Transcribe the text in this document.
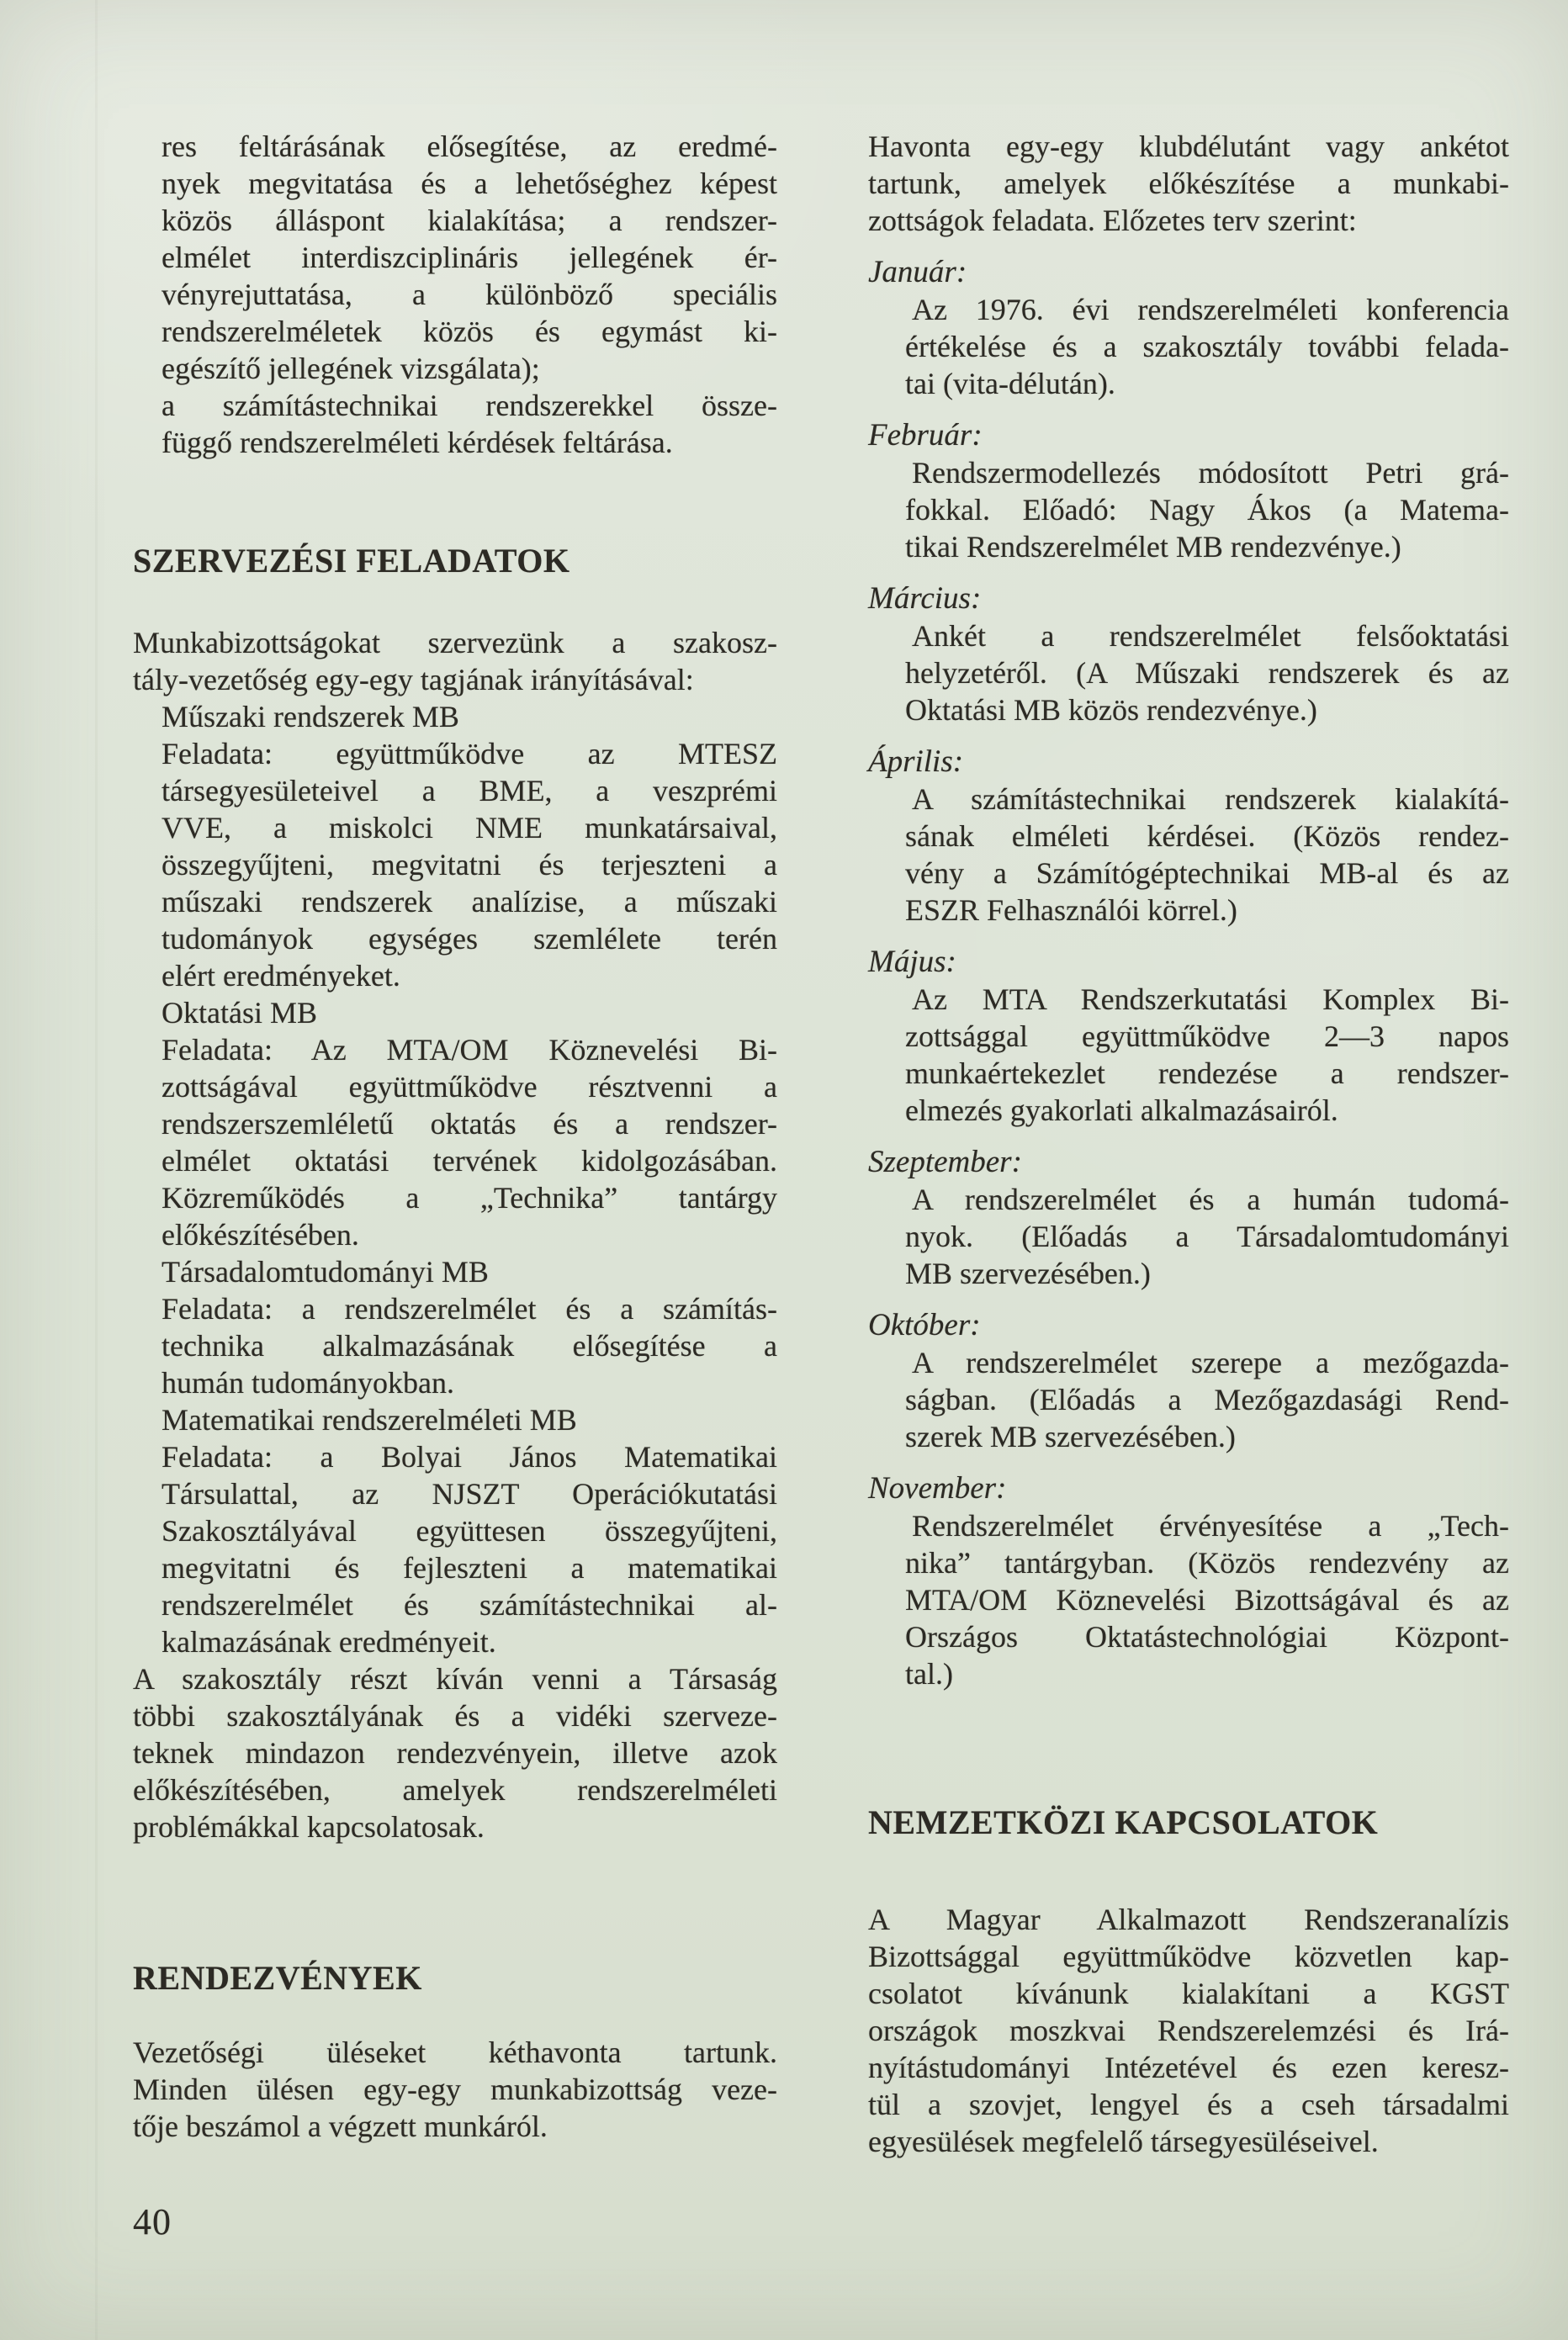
res feltárásának elősegítése, az eredmé-
nyek megvitatása és a lehetőséghez képest
közös álláspont kialakítása; a rendszer-
elmélet interdiszciplináris jellegének ér-
vényrejuttatása, a különböző speciális
rendszerelméletek közös és egymást ki-
egészítő jellegének vizsgálata);
a számítástechnikai rendszerekkel össze-
függő rendszerelméleti kérdések feltárása.
SZERVEZÉSI FELADATOK
Munkabizottságokat szervezünk a szakosz-
tály-vezetőség egy-egy tagjának irányításával:
Műszaki rendszerek MB
Feladata: együttműködve az MTESZ
társegyesületeivel a BME, a veszprémi
VVE, a miskolci NME munkatársaival,
összegyűjteni, megvitatni és terjeszteni a
műszaki rendszerek analízise, a műszaki
tudományok egységes szemlélete terén
elért eredményeket.
Oktatási MB
Feladata: Az MTA/OM Köznevelési Bi-
zottságával együttműködve résztvenni a
rendszerszemléletű oktatás és a rendszer-
elmélet oktatási tervének kidolgozásában.
Közreműködés a „Technika” tantárgy
előkészítésében.
Társadalomtudományi MB
Feladata: a rendszerelmélet és a számítás-
technika alkalmazásának elősegítése a
humán tudományokban.
Matematikai rendszerelméleti MB
Feladata: a Bolyai János Matematikai
Társulattal, az NJSZT Operációkutatási
Szakosztályával együttesen összegyűjteni,
megvitatni és fejleszteni a matematikai
rendszerelmélet és számítástechnikai al-
kalmazásának eredményeit.
A szakosztály részt kíván venni a Társaság
többi szakosztályának és a vidéki szerveze-
teknek mindazon rendezvényein, illetve azok
előkészítésében, amelyek rendszerelméleti
problémákkal kapcsolatosak.
RENDEZVÉNYEK
Vezetőségi üléseket kéthavonta tartunk.
Minden ülésen egy-egy munkabizottság veze-
tője beszámol a végzett munkáról.
40
Havonta egy-egy klubdélutánt vagy ankétot
tartunk, amelyek előkészítése a munkabi-
zottságok feladata. Előzetes terv szerint:
Január:
Az 1976. évi rendszerelméleti konferencia
értékelése és a szakosztály további felada-
tai (vita-délután).
Február:
Rendszermodellezés módosított Petri grá-
fokkal. Előadó: Nagy Ákos (a Matema-
tikai Rendszerelmélet MB rendezvénye.)
Március:
Ankét a rendszerelmélet felsőoktatási
helyzetéről. (A Műszaki rendszerek és az
Oktatási MB közös rendezvénye.)
Április:
A számítástechnikai rendszerek kialakítá-
sának elméleti kérdései. (Közös rendez-
vény a Számítógéptechnikai MB-al és az
ESZR Felhasználói körrel.)
Május:
Az MTA Rendszerkutatási Komplex Bi-
zottsággal együttműködve 2—3 napos
munkaértekezlet rendezése a rendszer-
elmezés gyakorlati alkalmazásairól.
Szeptember:
A rendszerelmélet és a humán tudomá-
nyok. (Előadás a Társadalomtudományi
MB szervezésében.)
Október:
A rendszerelmélet szerepe a mezőgazda-
ságban. (Előadás a Mezőgazdasági Rend-
szerek MB szervezésében.)
November:
Rendszerelmélet érvényesítése a „Tech-
nika” tantárgyban. (Közös rendezvény az
MTA/OM Köznevelési Bizottságával és az
Országos Oktatástechnológiai Központ-
tal.)
NEMZETKÖZI KAPCSOLATOK
A Magyar Alkalmazott Rendszeranalízis
Bizottsággal együttműködve közvetlen kap-
csolatot kívánunk kialakítani a KGST
országok moszkvai Rendszerelemzési és Irá-
nyítástudományi Intézetével és ezen keresz-
tül a szovjet, lengyel és a cseh társadalmi
egyesülések megfelelő társegyesüléseivel.
